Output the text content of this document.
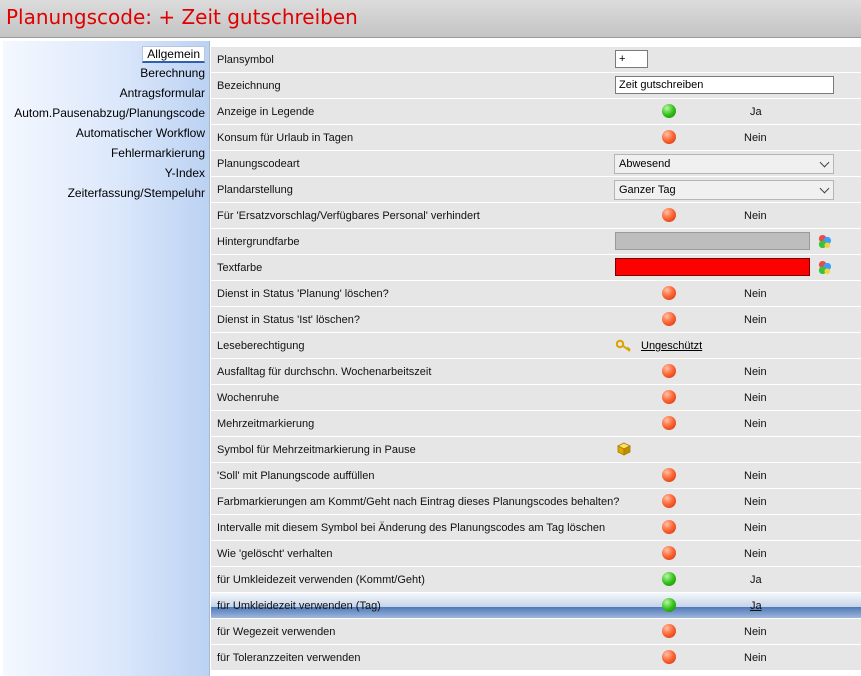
Planungscode: + Zeit gutschreiben
Allgemein
Berechnung
Antragsformular
Autom.Pausenabzug/Planungscode
Automatischer Workflow
Fehlermarkierung
Y-Index
Zeiterfassung/Stempeluhr
Plansymbol	+
Bezeichnung	Zeit gutschreiben
Anzeige in Legende	Ja
Konsum für Urlaub in Tagen	Nein
Planungscodeart	Abwesend
Plandarstellung	Ganzer Tag
Für 'Ersatzvorschlag/Verfügbares Personal' verhindert	Nein
Hintergrundfarbe
Textfarbe
Dienst in Status 'Planung' löschen?	Nein
Dienst in Status 'Ist' löschen?	Nein
Leseberechtigung	Ungeschützt
Ausfalltag für durchschn. Wochenarbeitszeit	Nein
Wochenruhe	Nein
Mehrzeitmarkierung	Nein
Symbol für Mehrzeitmarkierung in Pause
'Soll' mit Planungscode auffüllen	Nein
Farbmarkierungen am Kommt/Geht nach Eintrag dieses Planungscodes behalten?	Nein
Intervalle mit diesem Symbol bei Änderung des Planungscodes am Tag löschen	Nein
Wie 'gelöscht' verhalten	Nein
für Umkleidezeit verwenden (Kommt/Geht)	Ja
für Umkleidezeit verwenden (Tag)	Ja
für Wegezeit verwenden	Nein
für Toleranzzeiten verwenden	Nein
